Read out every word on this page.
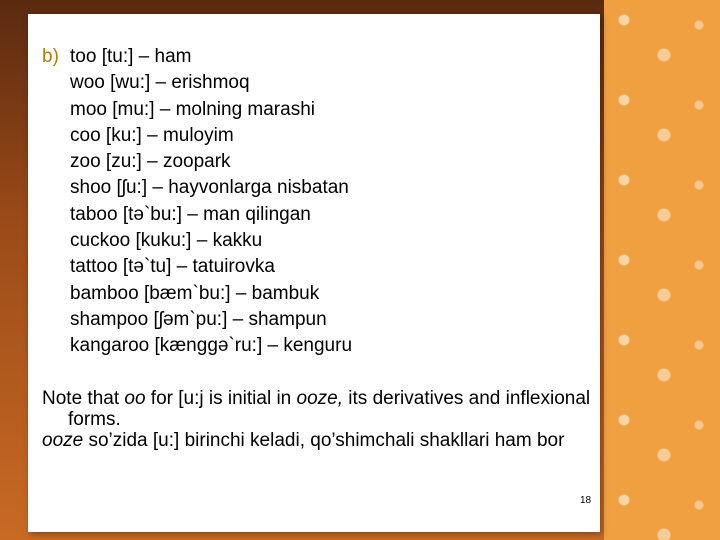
b) too [tu:] – ham
woo [wu:] – erishmoq
moo [mu:] – molning marashi
coo [ku:] – muloyim
zoo [zu:] – zoopark
shoo [ʃu:] – hayvonlarga nisbatan
taboo [tə`bu:] – man qilingan
cuckoo [kuku:] – kakku
tattoo [tə`tu] – tatuirovka
bamboo [bæm`bu:] – bambuk
shampoo [ʃəm`pu:] – shampun
kangaroo [kænggə`ru:] – kenguru

Note that oo for [u:j is initial in ooze, its derivatives and inflexional

forms.

ooze so’zida [u:] birinchi keladi, qo’shimchali shakllari ham bor

18
